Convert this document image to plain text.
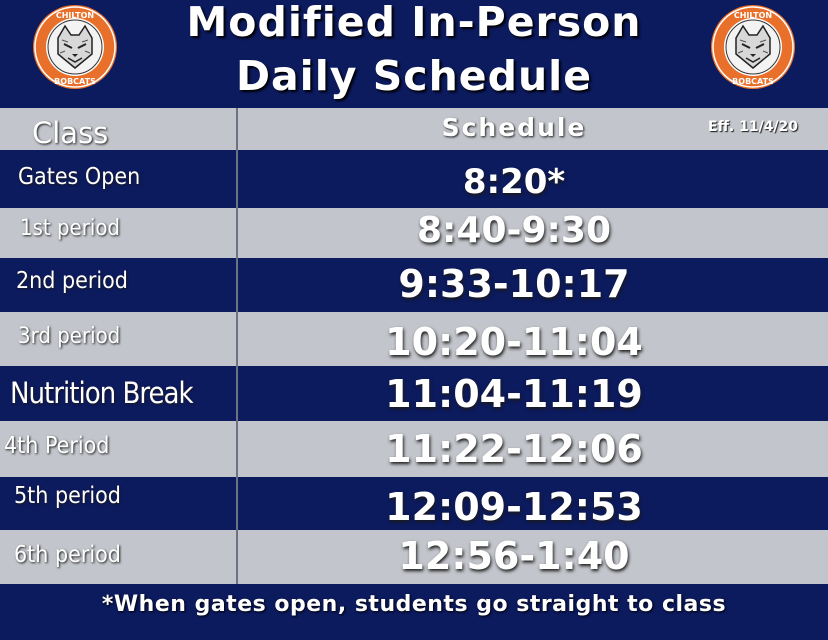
CHILTON
BOBCATS
Modified In-Person
Daily Schedule
CHILTON
BOBCATS
Class	Schedule	Eff. 11/4/20
Gates Open	8:20*
1st period	8:40-9:30
2nd period	9:33-10:17
3rd period	10:20-11:04
Nutrition Break	11:04-11:19
4th Period	11:22-12:06
5th period	12:09-12:53
6th period	12:56-1:40
*When gates open, students go straight to class
